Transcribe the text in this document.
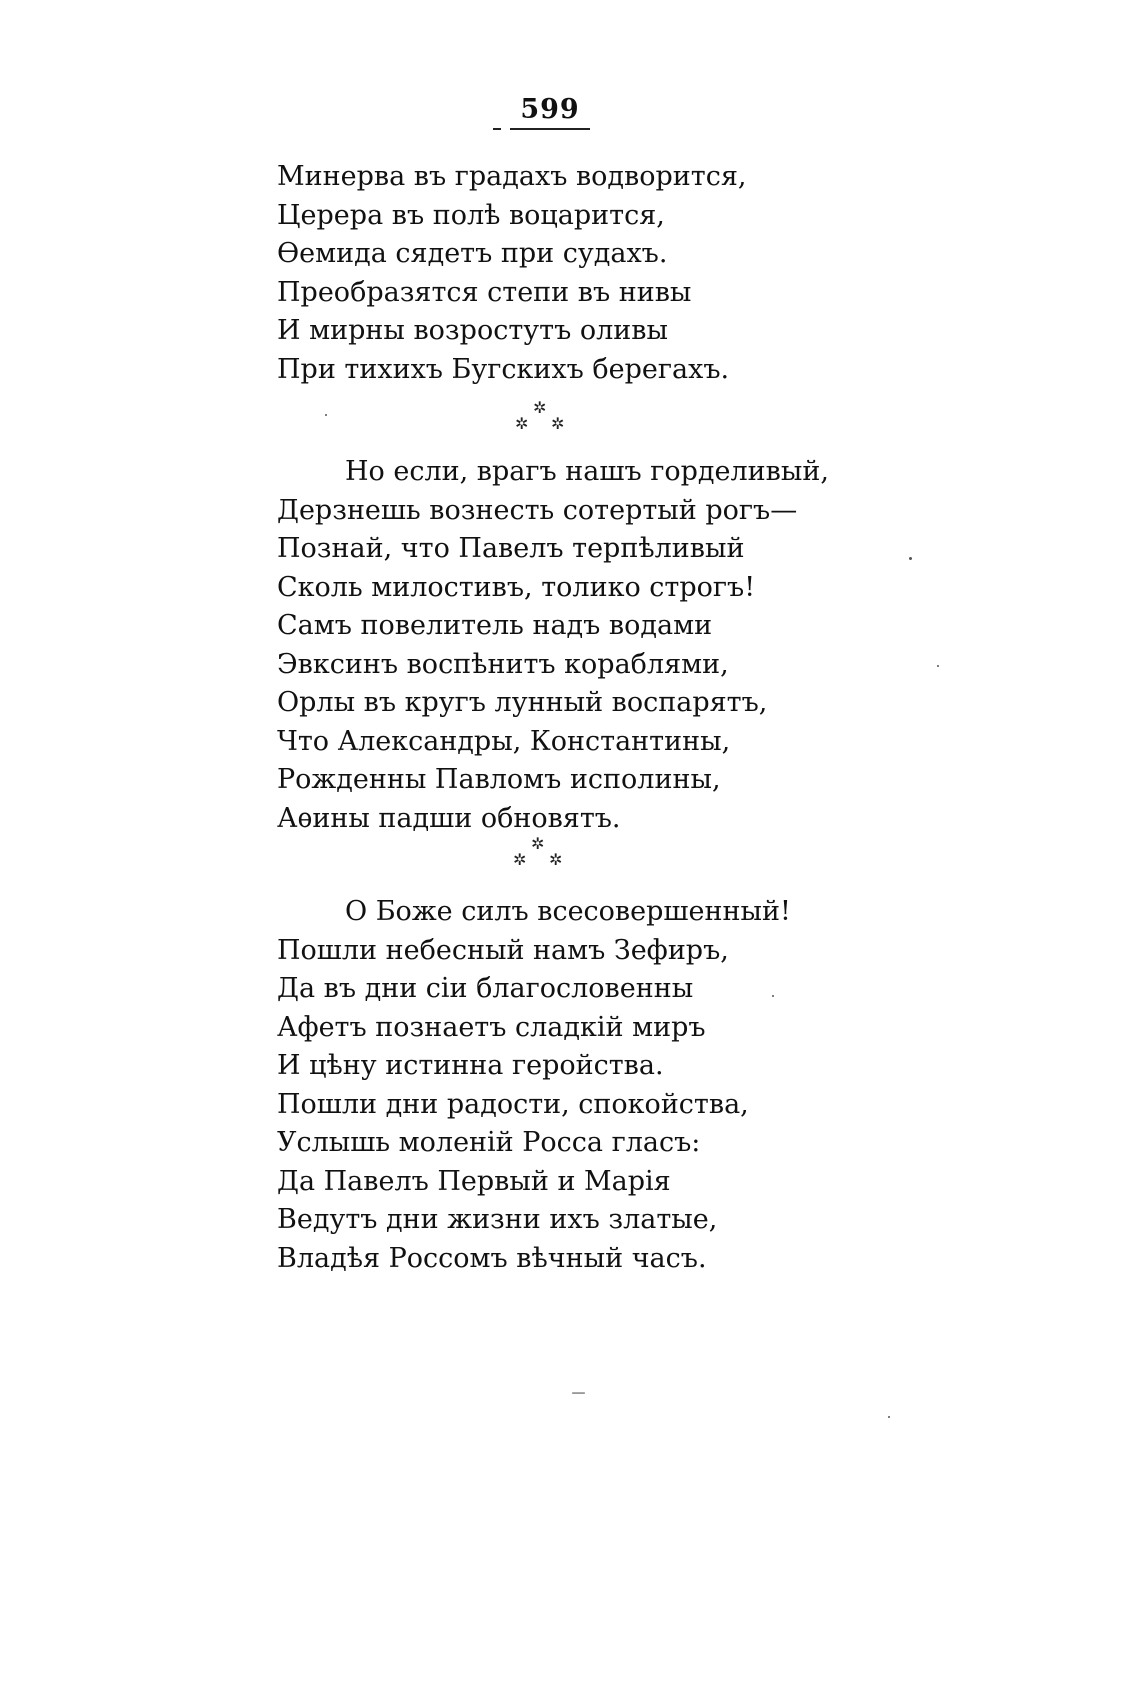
599
Минерва въ градахъ водворится,
Церера въ полѣ воцарится,
Ѳемида сядетъ при судахъ.
Преобразятся степи въ нивы
И мирны возростутъ оливы
При тихихъ Бугскихъ берегахъ.
✲
✲ ✲
Но если, врагъ нашъ горделивый,
Дерзнешь вознесть сотертый рогъ—
Познай, что Павелъ терпѣливый
Сколь милостивъ, толико строгъ!
Самъ повелитель надъ водами
Эвксинъ воспѣнитъ кораблями,
Орлы въ кругъ лунный воспарятъ,
Что Александры, Константины,
Рожденны Павломъ исполины,
Аѳины падши обновятъ.
✲
✲ ✲
О Боже силъ всесовершенный!
Пошли небесный намъ Зефиръ,
Да въ дни сіи благословенны
Афетъ познаетъ сладкій миръ
И цѣну истинна геройства.
Пошли дни радости, спокойства,
Услышь моленій Росса гласъ:
Да Павелъ Первый и Марія
Ведутъ дни жизни ихъ златые,
Владѣя Россомъ вѣчный часъ.
—
